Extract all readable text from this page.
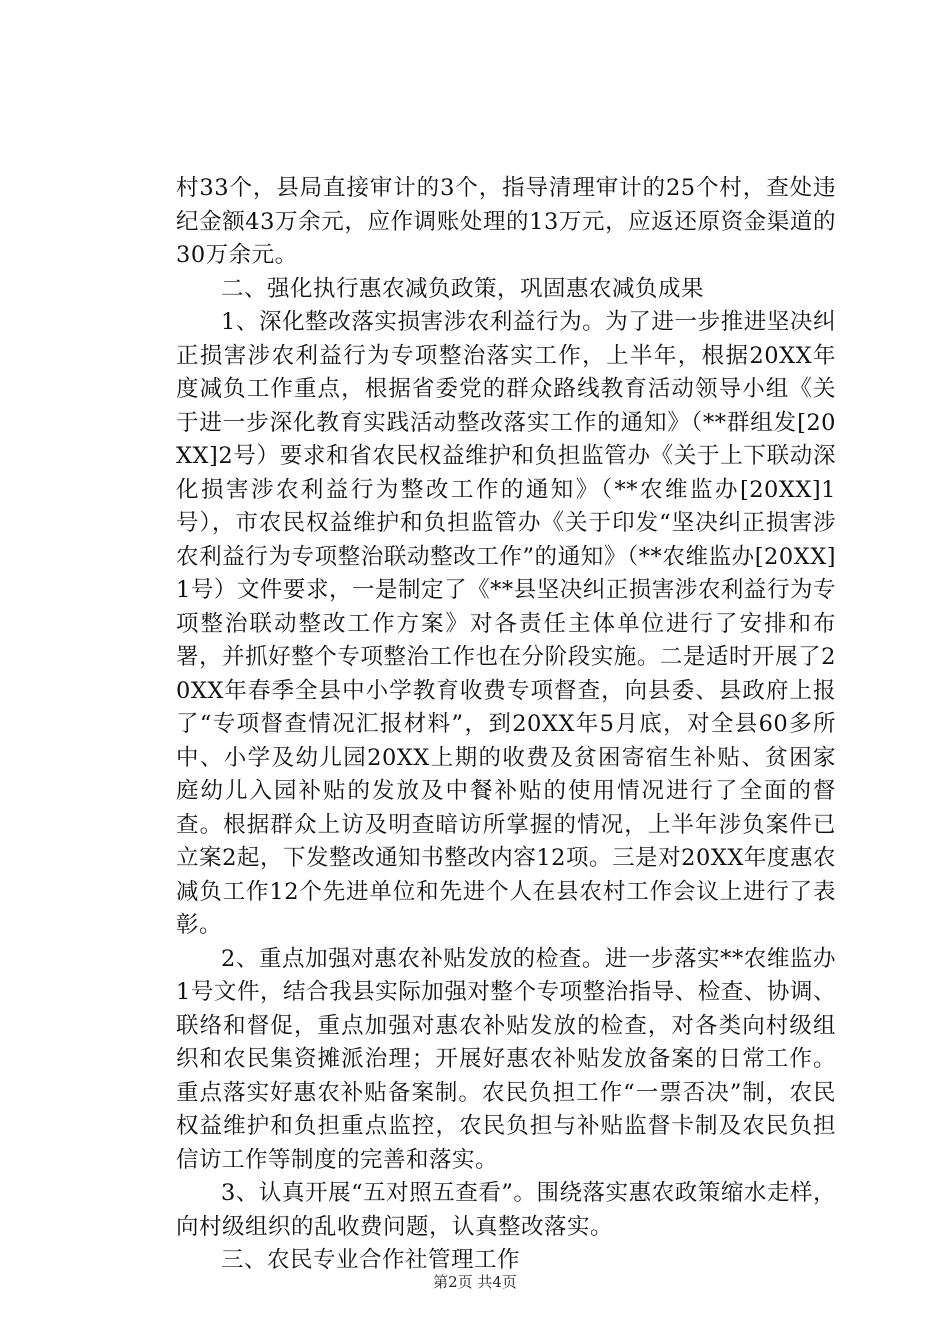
村33个，县局直接审计的3个，指导清理审计的25个村，查处违纪金额43万余元，应作调账处理的13万元，应返还原资金渠道的30万余元。

二、强化执行惠农减负政策，巩固惠农减负成果

1、深化整改落实损害涉农利益行为。为了进一步推进坚决纠正损害涉农利益行为专项整治落实工作，上半年，根据20XX年度减负工作重点，根据省委党的群众路线教育活动领导小组《关于进一步深化教育实践活动整改落实工作的通知》（**群组发[20XX]2号）要求和省农民权益维护和负担监管办《关于上下联动深化损害涉农利益行为整改工作的通知》（**农维监办[20XX]1号），市农民权益维护和负担监管办《关于印发“坚决纠正损害涉农利益行为专项整治联动整改工作”的通知》（**农维监办[20XX]1号）文件要求，一是制定了《**县坚决纠正损害涉农利益行为专项整治联动整改工作方案》对各责任主体单位进行了安排和布署，并抓好整个专项整治工作也在分阶段实施。二是适时开展了20XX年春季全县中小学教育收费专项督查，向县委、县政府上报了“专项督查情况汇报材料”，到20XX年5月底，对全县60多所中、小学及幼儿园20XX上期的收费及贫困寄宿生补贴、贫困家庭幼儿入园补贴的发放及中餐补贴的使用情况进行了全面的督查。根据群众上访及明查暗访所掌握的情况，上半年涉负案件已立案2起，下发整改通知书整改内容12项。三是对20XX年度惠农减负工作12个先进单位和先进个人在县农村工作会议上进行了表彰。

2、重点加强对惠农补贴发放的检查。进一步落实**农维监办1号文件，结合我县实际加强对整个专项整治指导、检查、协调、联络和督促，重点加强对惠农补贴发放的检查，对各类向村级组织和农民集资摊派治理；开展好惠农补贴发放备案的日常工作。重点落实好惠农补贴备案制。农民负担工作“一票否决”制，农民权益维护和负担重点监控，农民负担与补贴监督卡制及农民负担信访工作等制度的完善和落实。

3、认真开展“五对照五查看”。围绕落实惠农政策缩水走样，向村级组织的乱收费问题，认真整改落实。

三、农民专业合作社管理工作

第2页 共4页
